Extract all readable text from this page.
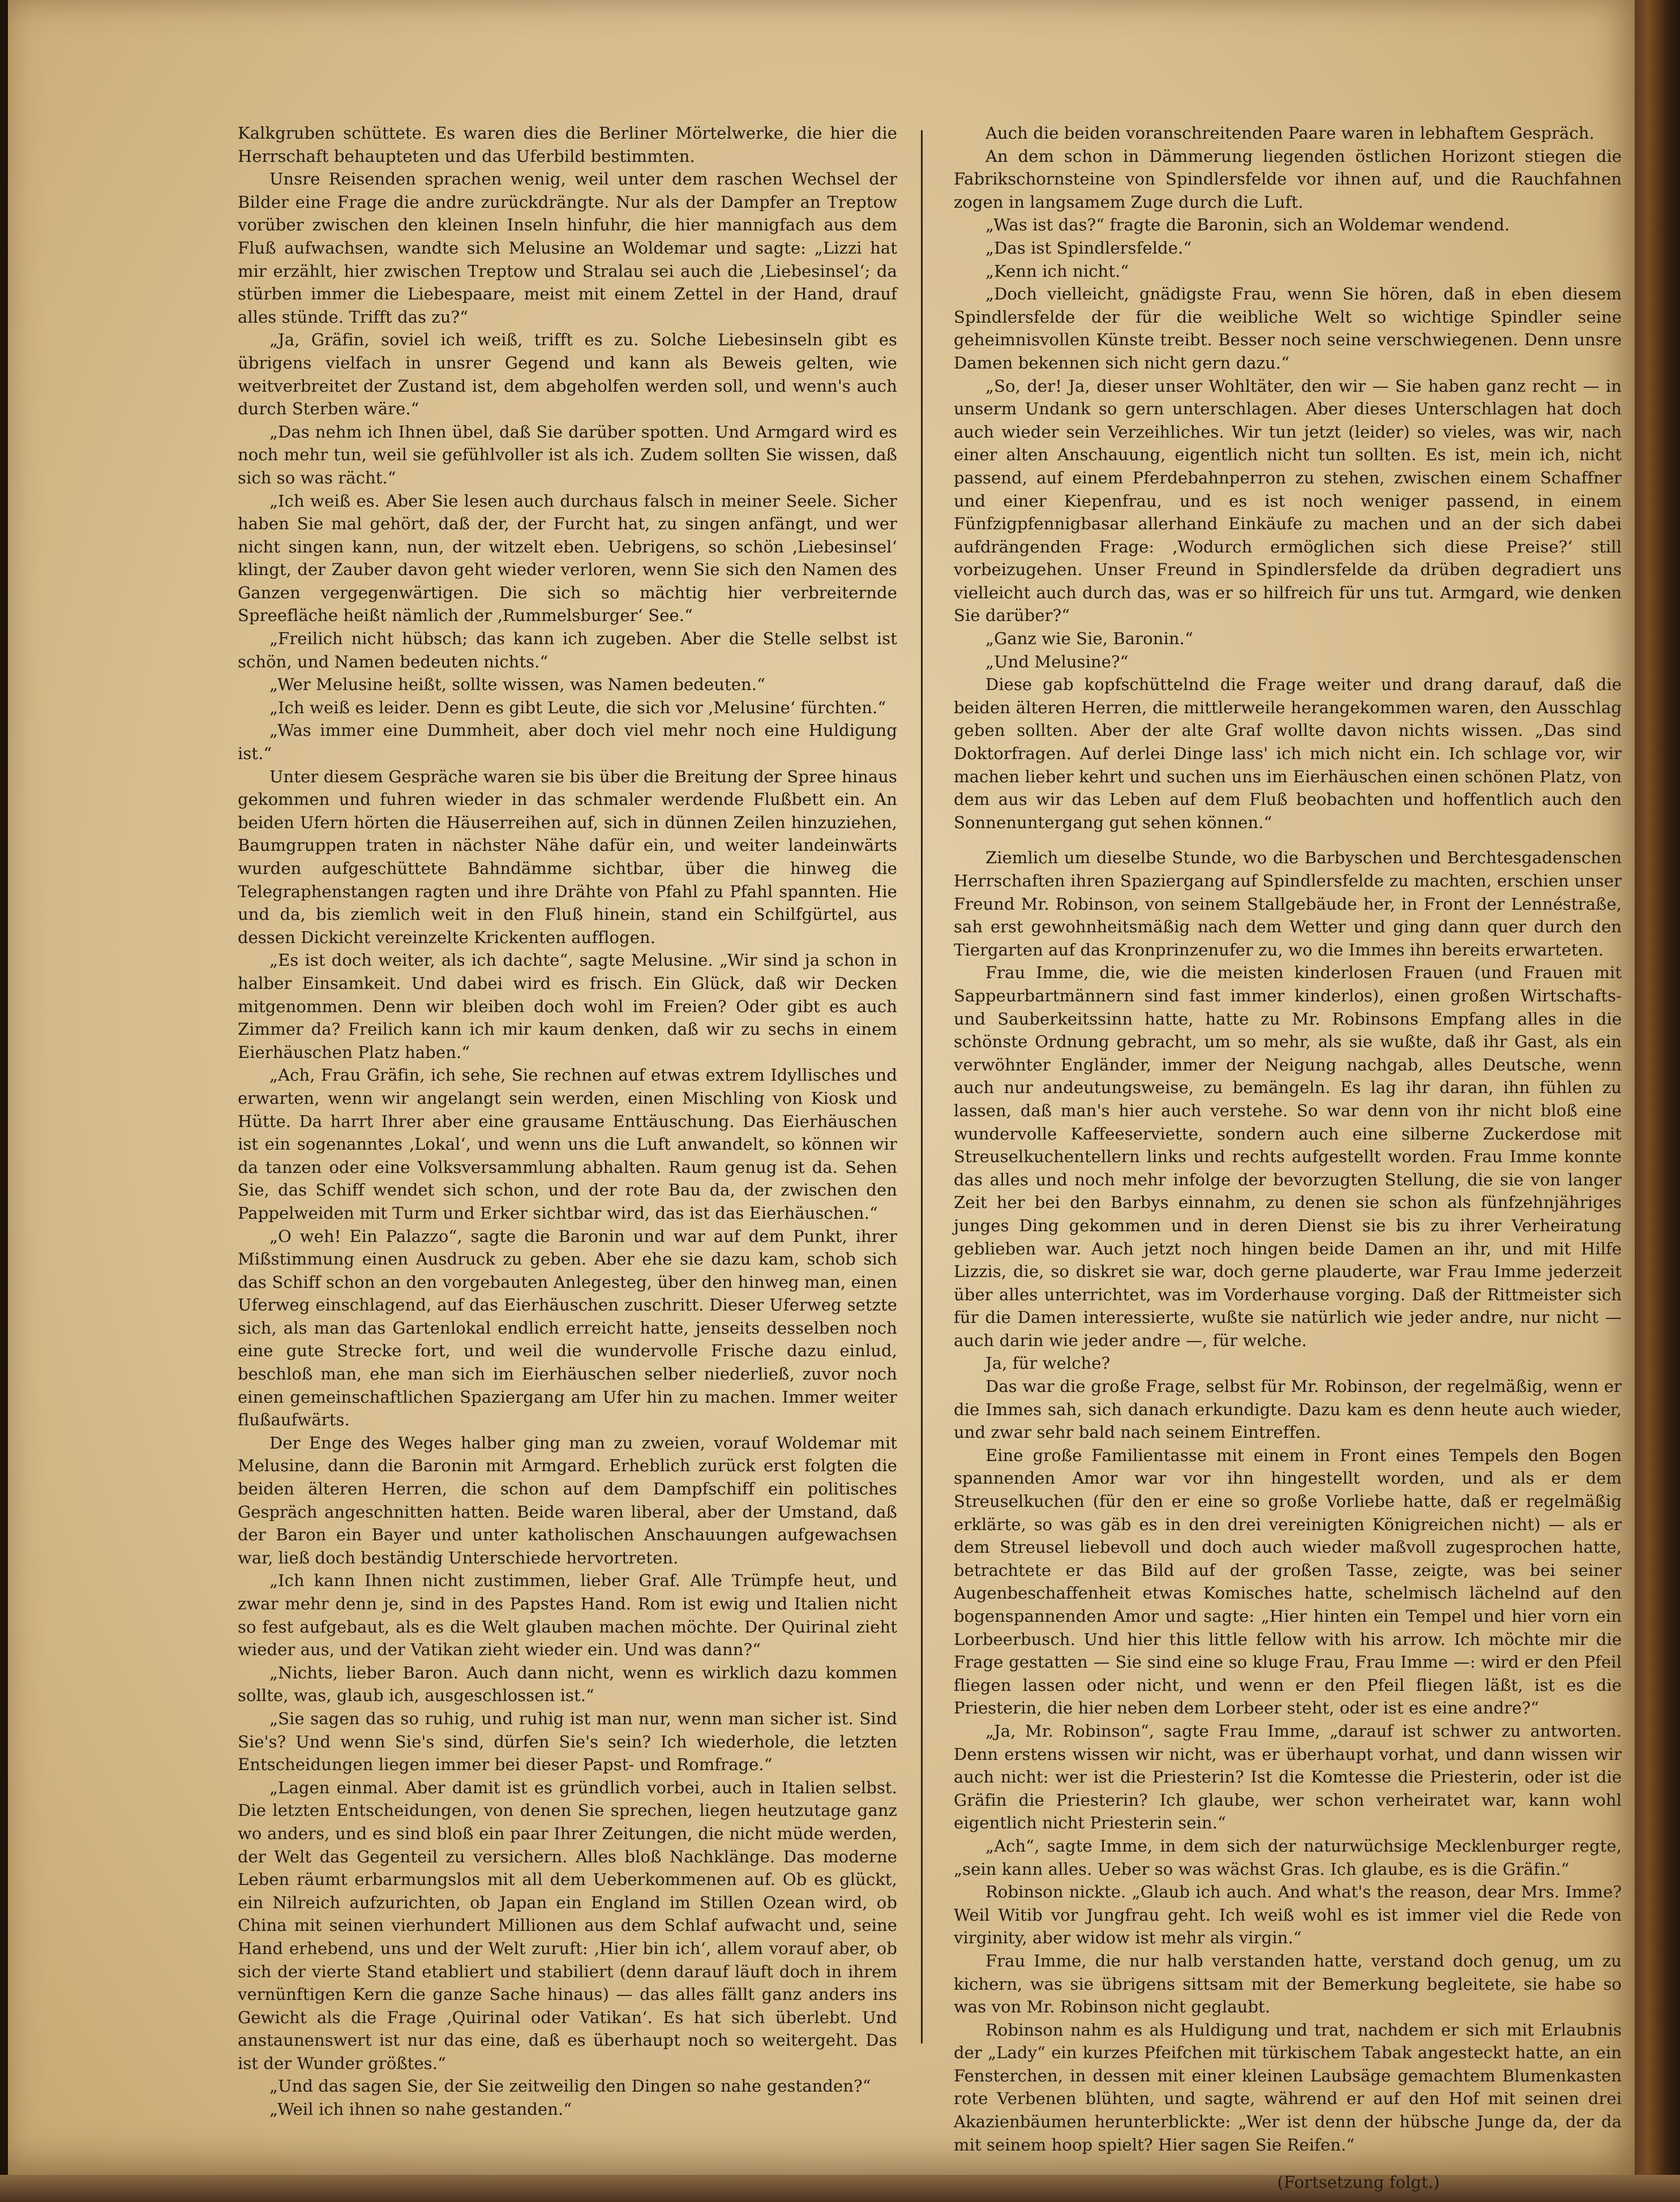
Kalkgruben schüttete. Es waren dies die Berliner Mörtelwerke, die hier die Herrschaft behaupteten und das Uferbild bestimmten.

Unsre Reisenden sprachen wenig, weil unter dem raschen Wechsel der Bilder eine Frage die andre zurückdrängte. Nur als der Dampfer an Treptow vorüber zwischen den kleinen Inseln hinfuhr, die hier mannigfach aus dem Fluß aufwachsen, wandte sich Melusine an Woldemar und sagte: „Lizzi hat mir erzählt, hier zwischen Treptow und Stralau sei auch die ‚Liebesinsel‘; da stürben immer die Liebespaare, meist mit einem Zettel in der Hand, drauf alles stünde. Trifft das zu?“

„Ja, Gräfin, soviel ich weiß, trifft es zu. Solche Liebesinseln gibt es übrigens vielfach in unsrer Gegend und kann als Beweis gelten, wie weitverbreitet der Zustand ist, dem abgeholfen werden soll, und wenn's auch durch Sterben wäre.“

„Das nehm ich Ihnen übel, daß Sie darüber spotten. Und Armgard wird es noch mehr tun, weil sie gefühlvoller ist als ich. Zudem sollten Sie wissen, daß sich so was rächt.“

„Ich weiß es. Aber Sie lesen auch durchaus falsch in meiner Seele. Sicher haben Sie mal gehört, daß der, der Furcht hat, zu singen anfängt, und wer nicht singen kann, nun, der witzelt eben. Uebrigens, so schön ‚Liebesinsel‘ klingt, der Zauber davon geht wieder verloren, wenn Sie sich den Namen des Ganzen vergegenwärtigen. Die sich so mächtig hier verbreiternde Spreefläche heißt nämlich der ‚Rummelsburger‘ See.“

„Freilich nicht hübsch; das kann ich zugeben. Aber die Stelle selbst ist schön, und Namen bedeuten nichts.“

„Wer Melusine heißt, sollte wissen, was Namen bedeuten.“

„Ich weiß es leider. Denn es gibt Leute, die sich vor ‚Melusine‘ fürchten.“

„Was immer eine Dummheit, aber doch viel mehr noch eine Huldigung ist.“

Unter diesem Gespräche waren sie bis über die Breitung der Spree hinaus gekommen und fuhren wieder in das schmaler werdende Flußbett ein. An beiden Ufern hörten die Häuserreihen auf, sich in dünnen Zeilen hinzuziehen, Baumgruppen traten in nächster Nähe dafür ein, und weiter landeinwärts wurden aufgeschüttete Bahndämme sichtbar, über die hinweg die Telegraphenstangen ragten und ihre Drähte von Pfahl zu Pfahl spannten. Hie und da, bis ziemlich weit in den Fluß hinein, stand ein Schilfgürtel, aus dessen Dickicht vereinzelte Krickenten aufflogen.

„Es ist doch weiter, als ich dachte“, sagte Melusine. „Wir sind ja schon in halber Einsamkeit. Und dabei wird es frisch. Ein Glück, daß wir Decken mitgenommen. Denn wir bleiben doch wohl im Freien? Oder gibt es auch Zimmer da? Freilich kann ich mir kaum denken, daß wir zu sechs in einem Eierhäuschen Platz haben.“

„Ach, Frau Gräfin, ich sehe, Sie rechnen auf etwas extrem Idyllisches und erwarten, wenn wir angelangt sein werden, einen Mischling von Kiosk und Hütte. Da harrt Ihrer aber eine grausame Enttäuschung. Das Eierhäuschen ist ein sogenanntes ‚Lokal‘, und wenn uns die Luft anwandelt, so können wir da tanzen oder eine Volksversammlung abhalten. Raum genug ist da. Sehen Sie, das Schiff wendet sich schon, und der rote Bau da, der zwischen den Pappelweiden mit Turm und Erker sichtbar wird, das ist das Eierhäuschen.“

„O weh! Ein Palazzo“, sagte die Baronin und war auf dem Punkt, ihrer Mißstimmung einen Ausdruck zu geben. Aber ehe sie dazu kam, schob sich das Schiff schon an den vorgebauten Anlegesteg, über den hinweg man, einen Uferweg einschlagend, auf das Eierhäuschen zuschritt. Dieser Uferweg setzte sich, als man das Gartenlokal endlich erreicht hatte, jenseits desselben noch eine gute Strecke fort, und weil die wundervolle Frische dazu einlud, beschloß man, ehe man sich im Eierhäuschen selber niederließ, zuvor noch einen gemeinschaftlichen Spaziergang am Ufer hin zu machen. Immer weiter flußaufwärts.

Der Enge des Weges halber ging man zu zweien, vorauf Woldemar mit Melusine, dann die Baronin mit Armgard. Erheblich zurück erst folgten die beiden älteren Herren, die schon auf dem Dampfschiff ein politisches Gespräch angeschnitten hatten. Beide waren liberal, aber der Umstand, daß der Baron ein Bayer und unter katholischen Anschauungen aufgewachsen war, ließ doch beständig Unterschiede hervortreten.

„Ich kann Ihnen nicht zustimmen, lieber Graf. Alle Trümpfe heut, und zwar mehr denn je, sind in des Papstes Hand. Rom ist ewig und Italien nicht so fest aufgebaut, als es die Welt glauben machen möchte. Der Quirinal zieht wieder aus, und der Vatikan zieht wieder ein. Und was dann?“

„Nichts, lieber Baron. Auch dann nicht, wenn es wirklich dazu kommen sollte, was, glaub ich, ausgeschlossen ist.“

„Sie sagen das so ruhig, und ruhig ist man nur, wenn man sicher ist. Sind Sie's? Und wenn Sie's sind, dürfen Sie's sein? Ich wiederhole, die letzten Entscheidungen liegen immer bei dieser Papst- und Romfrage.“

„Lagen einmal. Aber damit ist es gründlich vorbei, auch in Italien selbst. Die letzten Entscheidungen, von denen Sie sprechen, liegen heutzutage ganz wo anders, und es sind bloß ein paar Ihrer Zeitungen, die nicht müde werden, der Welt das Gegenteil zu versichern. Alles bloß Nachklänge. Das moderne Leben räumt erbarmungslos mit all dem Ueberkommenen auf. Ob es glückt, ein Nilreich aufzurichten, ob Japan ein England im Stillen Ozean wird, ob China mit seinen vierhundert Millionen aus dem Schlaf aufwacht und, seine Hand erhebend, uns und der Welt zuruft: ‚Hier bin ich‘, allem vorauf aber, ob sich der vierte Stand etabliert und stabiliert (denn darauf läuft doch in ihrem vernünftigen Kern die ganze Sache hinaus) — das alles fällt ganz anders ins Gewicht als die Frage ‚Quirinal oder Vatikan‘. Es hat sich überlebt. Und anstaunenswert ist nur das eine, daß es überhaupt noch so weitergeht. Das ist der Wunder größtes.“

„Und das sagen Sie, der Sie zeitweilig den Dingen so nahe gestanden?“

„Weil ich ihnen so nahe gestanden.“

Auch die beiden voranschreitenden Paare waren in lebhaftem Gespräch.

An dem schon in Dämmerung liegenden östlichen Horizont stiegen die Fabrikschornsteine von Spindlersfelde vor ihnen auf, und die Rauchfahnen zogen in langsamem Zuge durch die Luft.

„Was ist das?“ fragte die Baronin, sich an Woldemar wendend.

„Das ist Spindlersfelde.“

„Kenn ich nicht.“

„Doch vielleicht, gnädigste Frau, wenn Sie hören, daß in eben diesem Spindlersfelde der für die weibliche Welt so wichtige Spindler seine geheimnisvollen Künste treibt. Besser noch seine verschwiegenen. Denn unsre Damen bekennen sich nicht gern dazu.“

„So, der! Ja, dieser unser Wohltäter, den wir — Sie haben ganz recht — in unserm Undank so gern unterschlagen. Aber dieses Unterschlagen hat doch auch wieder sein Verzeihliches. Wir tun jetzt (leider) so vieles, was wir, nach einer alten Anschauung, eigentlich nicht tun sollten. Es ist, mein ich, nicht passend, auf einem Pferdebahnperron zu stehen, zwischen einem Schaffner und einer Kiepenfrau, und es ist noch weniger passend, in einem Fünfzigpfennigbasar allerhand Einkäufe zu machen und an der sich dabei aufdrängenden Frage: ‚Wodurch ermöglichen sich diese Preise?‘ still vorbeizugehen. Unser Freund in Spindlersfelde da drüben degradiert uns vielleicht auch durch das, was er so hilfreich für uns tut. Armgard, wie denken Sie darüber?“

„Ganz wie Sie, Baronin.“

„Und Melusine?“

Diese gab kopfschüttelnd die Frage weiter und drang darauf, daß die beiden älteren Herren, die mittlerweile herangekommen waren, den Ausschlag geben sollten. Aber der alte Graf wollte davon nichts wissen. „Das sind Doktorfragen. Auf derlei Dinge lass' ich mich nicht ein. Ich schlage vor, wir machen lieber kehrt und suchen uns im Eierhäuschen einen schönen Platz, von dem aus wir das Leben auf dem Fluß beobachten und hoffentlich auch den Sonnenuntergang gut sehen können.“

Ziemlich um dieselbe Stunde, wo die Barbyschen und Berchtesgadenschen Herrschaften ihren Spaziergang auf Spindlersfelde zu machten, erschien unser Freund Mr. Robinson, von seinem Stallgebäude her, in Front der Lennéstraße, sah erst gewohnheitsmäßig nach dem Wetter und ging dann quer durch den Tiergarten auf das Kronprinzenufer zu, wo die Immes ihn bereits erwarteten.

Frau Imme, die, wie die meisten kinderlosen Frauen (und Frauen mit Sappeurbartmännern sind fast immer kinderlos), einen großen Wirtschafts- und Sauberkeitssinn hatte, hatte zu Mr. Robinsons Empfang alles in die schönste Ordnung gebracht, um so mehr, als sie wußte, daß ihr Gast, als ein verwöhnter Engländer, immer der Neigung nachgab, alles Deutsche, wenn auch nur andeutungsweise, zu bemängeln. Es lag ihr daran, ihn fühlen zu lassen, daß man's hier auch verstehe. So war denn von ihr nicht bloß eine wundervolle Kaffeeserviette, sondern auch eine silberne Zuckerdose mit Streuselkuchentellern links und rechts aufgestellt worden. Frau Imme konnte das alles und noch mehr infolge der bevorzugten Stellung, die sie von langer Zeit her bei den Barbys einnahm, zu denen sie schon als fünfzehnjähriges junges Ding gekommen und in deren Dienst sie bis zu ihrer Verheiratung geblieben war. Auch jetzt noch hingen beide Damen an ihr, und mit Hilfe Lizzis, die, so diskret sie war, doch gerne plauderte, war Frau Imme jederzeit über alles unterrichtet, was im Vorderhause vorging. Daß der Rittmeister sich für die Damen interessierte, wußte sie natürlich wie jeder andre, nur nicht — auch darin wie jeder andre —, für welche.

Ja, für welche?

Das war die große Frage, selbst für Mr. Robinson, der regelmäßig, wenn er die Immes sah, sich danach erkundigte. Dazu kam es denn heute auch wieder, und zwar sehr bald nach seinem Eintreffen.

Eine große Familientasse mit einem in Front eines Tempels den Bogen spannenden Amor war vor ihn hingestellt worden, und als er dem Streuselkuchen (für den er eine so große Vorliebe hatte, daß er regelmäßig erklärte, so was gäb es in den drei vereinigten Königreichen nicht) — als er dem Streusel liebevoll und doch auch wieder maßvoll zugesprochen hatte, betrachtete er das Bild auf der großen Tasse, zeigte, was bei seiner Augenbeschaffenheit etwas Komisches hatte, schelmisch lächelnd auf den bogenspannenden Amor und sagte: „Hier hinten ein Tempel und hier vorn ein Lorbeerbusch. Und hier this little fellow with his arrow. Ich möchte mir die Frage gestatten — Sie sind eine so kluge Frau, Frau Imme —: wird er den Pfeil fliegen lassen oder nicht, und wenn er den Pfeil fliegen läßt, ist es die Priesterin, die hier neben dem Lorbeer steht, oder ist es eine andre?“

„Ja, Mr. Robinson“, sagte Frau Imme, „darauf ist schwer zu antworten. Denn erstens wissen wir nicht, was er überhaupt vorhat, und dann wissen wir auch nicht: wer ist die Priesterin? Ist die Komtesse die Priesterin, oder ist die Gräfin die Priesterin? Ich glaube, wer schon verheiratet war, kann wohl eigentlich nicht Priesterin sein.“

„Ach“, sagte Imme, in dem sich der naturwüchsige Mecklenburger regte, „sein kann alles. Ueber so was wächst Gras. Ich glaube, es is die Gräfin.“

Robinson nickte. „Glaub ich auch. And what's the reason, dear Mrs. Imme? Weil Witib vor Jungfrau geht. Ich weiß wohl es ist immer viel die Rede von virginity, aber widow ist mehr als virgin.“

Frau Imme, die nur halb verstanden hatte, verstand doch genug, um zu kichern, was sie übrigens sittsam mit der Bemerkung begleitete, sie habe so was von Mr. Robinson nicht geglaubt.

Robinson nahm es als Huldigung und trat, nachdem er sich mit Erlaubnis der „Lady“ ein kurzes Pfeifchen mit türkischem Tabak angesteckt hatte, an ein Fensterchen, in dessen mit einer kleinen Laubsäge gemachtem Blumenkasten rote Verbenen blühten, und sagte, während er auf den Hof mit seinen drei Akazienbäumen herunterblickte: „Wer ist denn der hübsche Junge da, der da mit seinem hoop spielt? Hier sagen Sie Reifen.“

(Fortsetzung folgt.)
